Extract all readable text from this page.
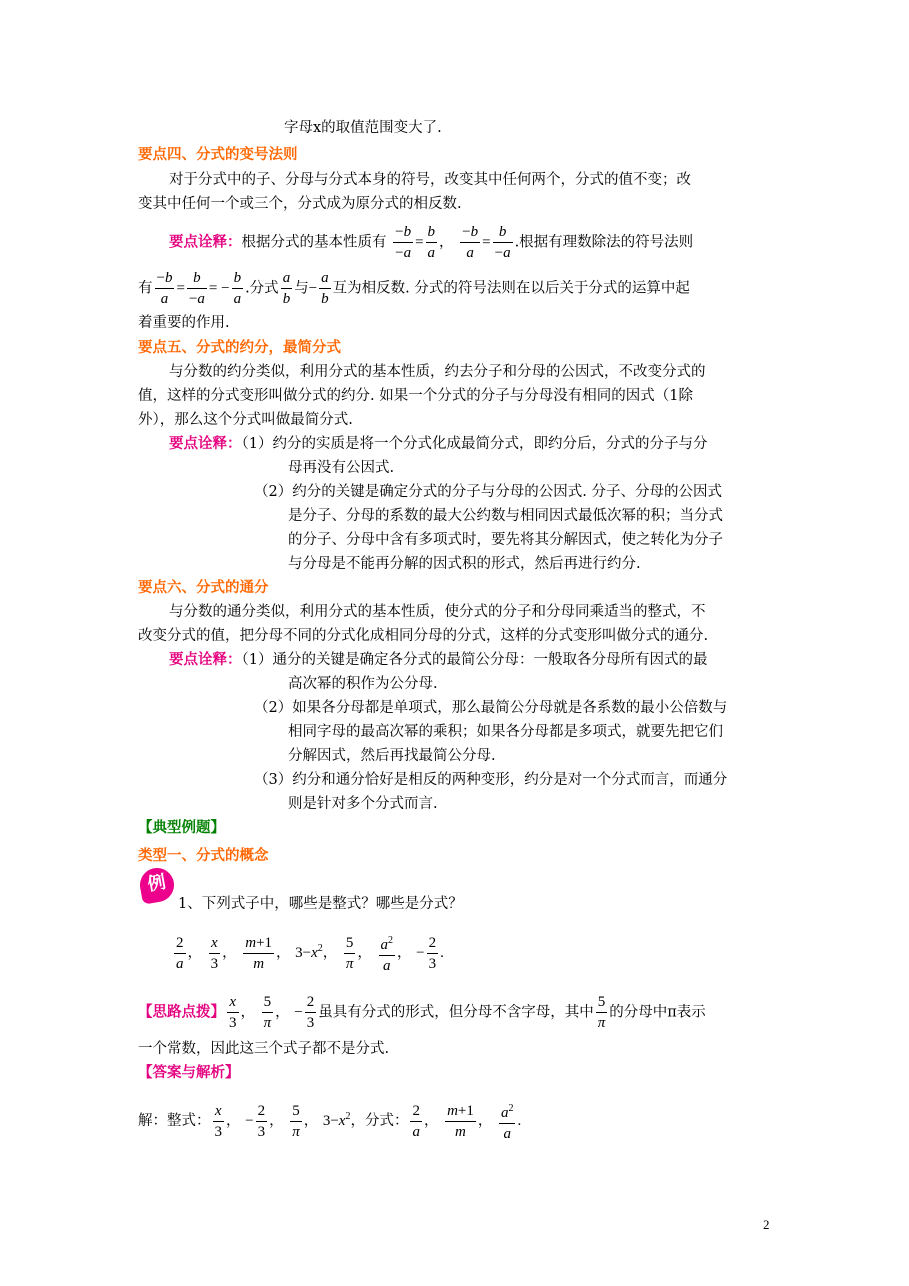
字母x的取值范围变大了.
要点四、分式的变号法则
对于分式中的子、分母与分式本身的符号，改变其中任何两个，分式的值不变；改
变其中任何一个或三个，分式成为原分式的相反数.
要点诠释：根据分式的基本性质有 $\frac{-b}{-a} = \frac{b}{a}$ ， $\frac{-b}{a} = \frac{b}{-a}$ .根据有理数除法的符号法则
有 $\frac{-b}{a} = \frac{b}{-a}$ = − $\frac{b}{a}$ .分式 $\frac{a}{b}$ 与− $\frac{a}{b}$ 互为相反数. 分式的符号法则在以后关于分式的运算中起
着重要的作用.
要点五、分式的约分，最简分式
与分数的约分类似，利用分式的基本性质，约去分子和分母的公因式，不改变分式的
值，这样的分式变形叫做分式的约分. 如果一个分式的分子与分母没有相同的因式（1除
外），那么这个分式叫做最简分式.
要点诠释：（1）约分的实质是将一个分式化成最简分式，即约分后，分式的分子与分
母再没有公因式.
（2）约分的关键是确定分式的分子与分母的公因式. 分子、分母的公因式
是分子、分母的系数的最大公约数与相同因式最低次幂的积；当分式
的分子、分母中含有多项式时，要先将其分解因式，使之转化为分子
与分母是不能再分解的因式积的形式，然后再进行约分.
要点六、分式的通分
与分数的通分类似，利用分式的基本性质，使分式的分子和分母同乘适当的整式，不
改变分式的值，把分母不同的分式化成相同分母的分式，这样的分式变形叫做分式的通分.
要点诠释：（1）通分的关键是确定各分式的最简公分母：一般取各分母所有因式的最
高次幂的积作为公分母.
（2）如果各分母都是单项式，那么最简公分母就是各系数的最小公倍数与
相同字母的最高次幂的乘积；如果各分母都是多项式，就要先把它们
分解因式，然后再找最简公分母.
（3）约分和通分恰好是相反的两种变形，约分是对一个分式而言，而通分
则是针对多个分式而言.
【典型例题】
类型一、分式的概念
例
1、下列式子中，哪些是整式？哪些是分式？
$\frac{2}{a}$ ， $\frac{x}{3}$ ， $\frac{m+1}{m}$ ， $3-x^2$， $\frac{5}{\pi}$ ， $\frac{a^2}{a}$ ， − $\frac{2}{3}$ .
【思路点拨】 $\frac{x}{3}$ ， $\frac{5}{\pi}$ ， − $\frac{2}{3}$ 虽具有分式的形式，但分母不含字母，其中 $\frac{5}{\pi}$ 的分母中π表示
一个常数，因此这三个式子都不是分式.
【答案与解析】
解：整式： $\frac{x}{3}$ ， − $\frac{2}{3}$ ， $\frac{5}{\pi}$ ， $3-x^2$，分式： $\frac{2}{a}$ ， $\frac{m+1}{m}$ ， $\frac{a^2}{a}$ .
2
